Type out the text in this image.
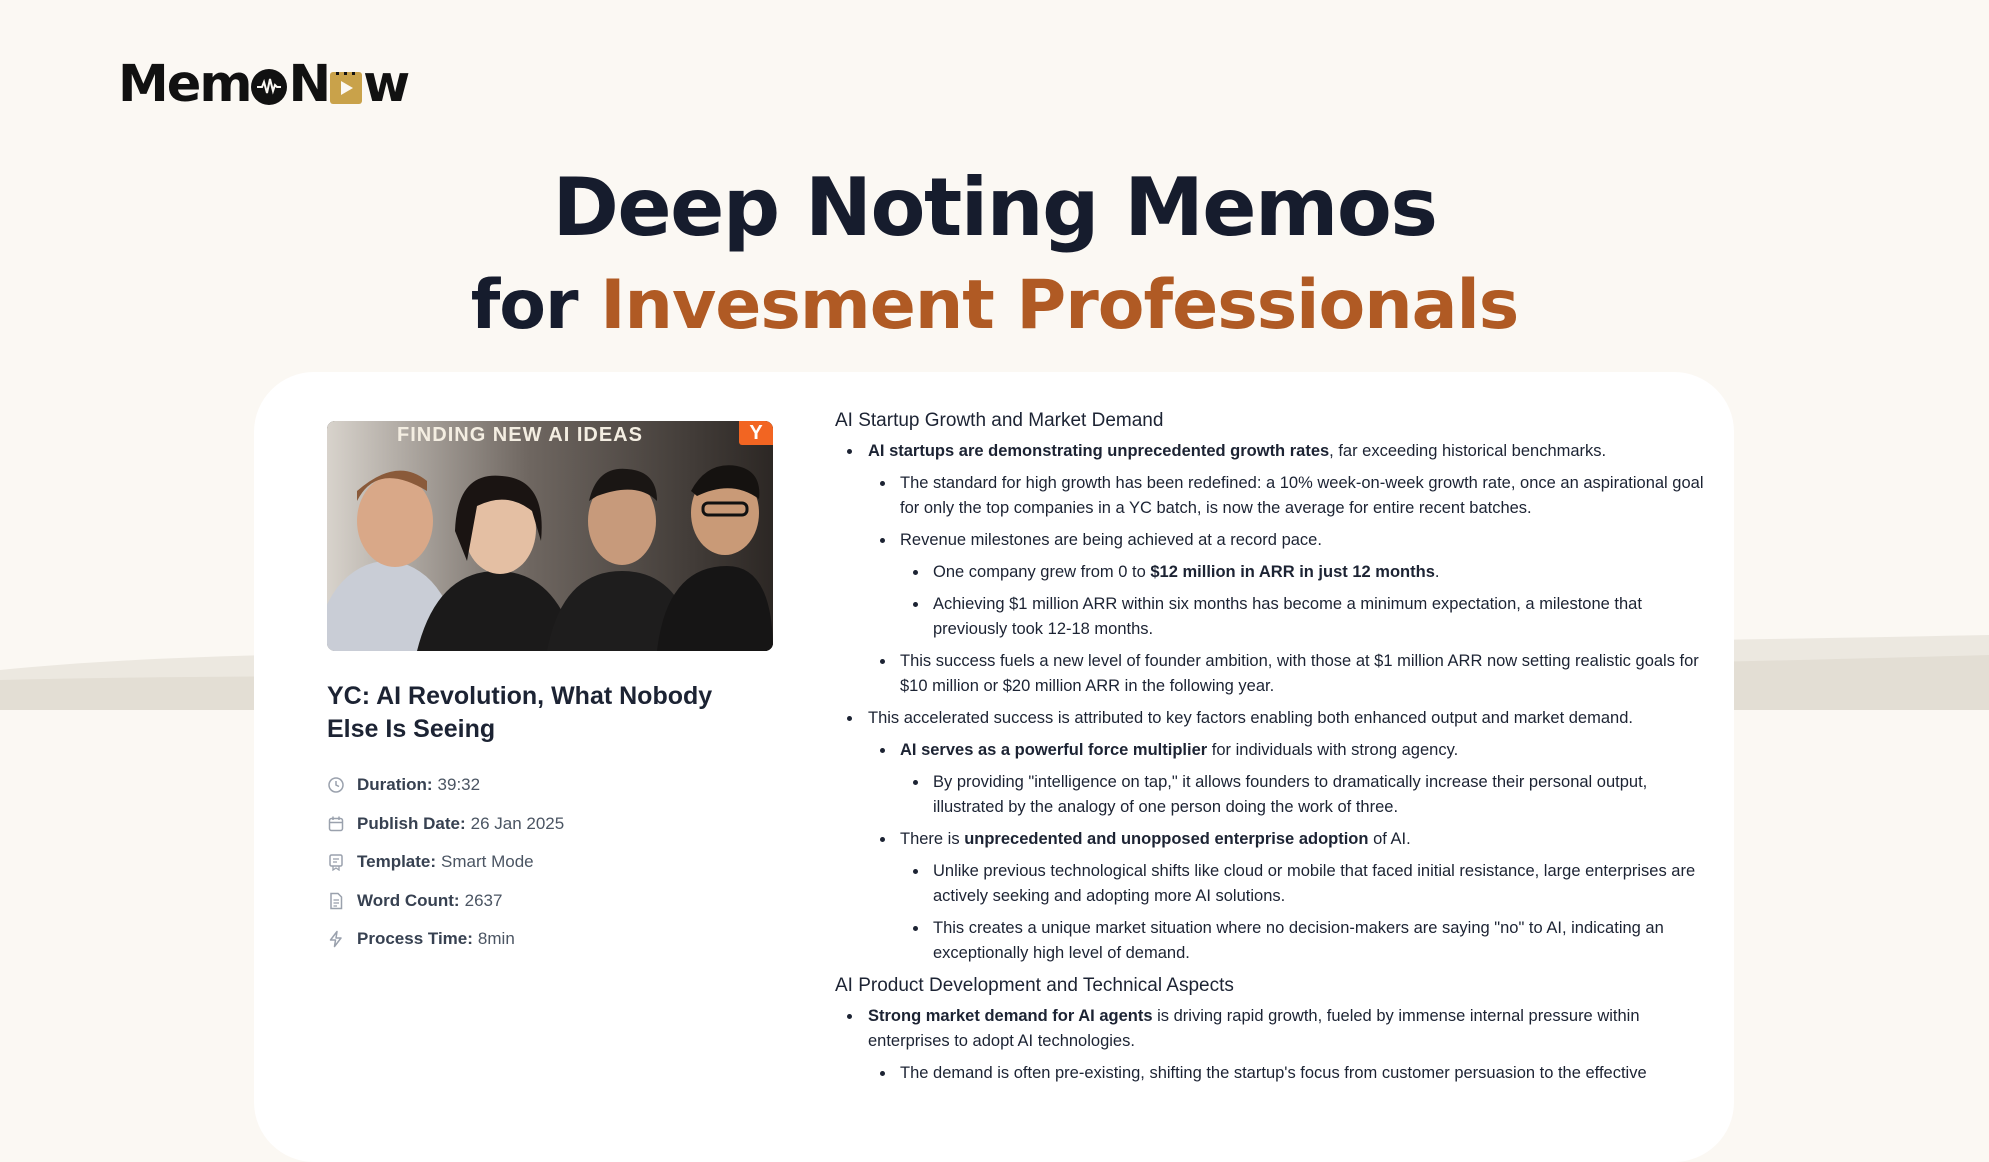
Mem N w
Deep Noting Memos
for Invesment Professionals
FINDING NEW AI IDEAS	Y
YC: AI Revolution, What Nobody Else Is Seeing
Duration: 39:32
Publish Date: 26 Jan 2025
Template: Smart Mode
Word Count: 2637
Process Time: 8min
AI Startup Growth and Market Demand
AI startups are demonstrating unprecedented growth rates, far exceeding historical benchmarks.
The standard for high growth has been redefined: a 10% week-on-week growth rate, once an aspirational goal for only the top companies in a YC batch, is now the average for entire recent batches.
Revenue milestones are being achieved at a record pace.
One company grew from 0 to $12 million in ARR in just 12 months.
Achieving $1 million ARR within six months has become a minimum expectation, a milestone that previously took 12-18 months.
This success fuels a new level of founder ambition, with those at $1 million ARR now setting realistic goals for $10 million or $20 million ARR in the following year.
This accelerated success is attributed to key factors enabling both enhanced output and market demand.
AI serves as a powerful force multiplier for individuals with strong agency.
By providing "intelligence on tap," it allows founders to dramatically increase their personal output, illustrated by the analogy of one person doing the work of three.
There is unprecedented and unopposed enterprise adoption of AI.
Unlike previous technological shifts like cloud or mobile that faced initial resistance, large enterprises are actively seeking and adopting more AI solutions.
This creates a unique market situation where no decision-makers are saying "no" to AI, indicating an exceptionally high level of demand.
AI Product Development and Technical Aspects
Strong market demand for AI agents is driving rapid growth, fueled by immense internal pressure within enterprises to adopt AI technologies.
The demand is often pre-existing, shifting the startup's focus from customer persuasion to the effective
